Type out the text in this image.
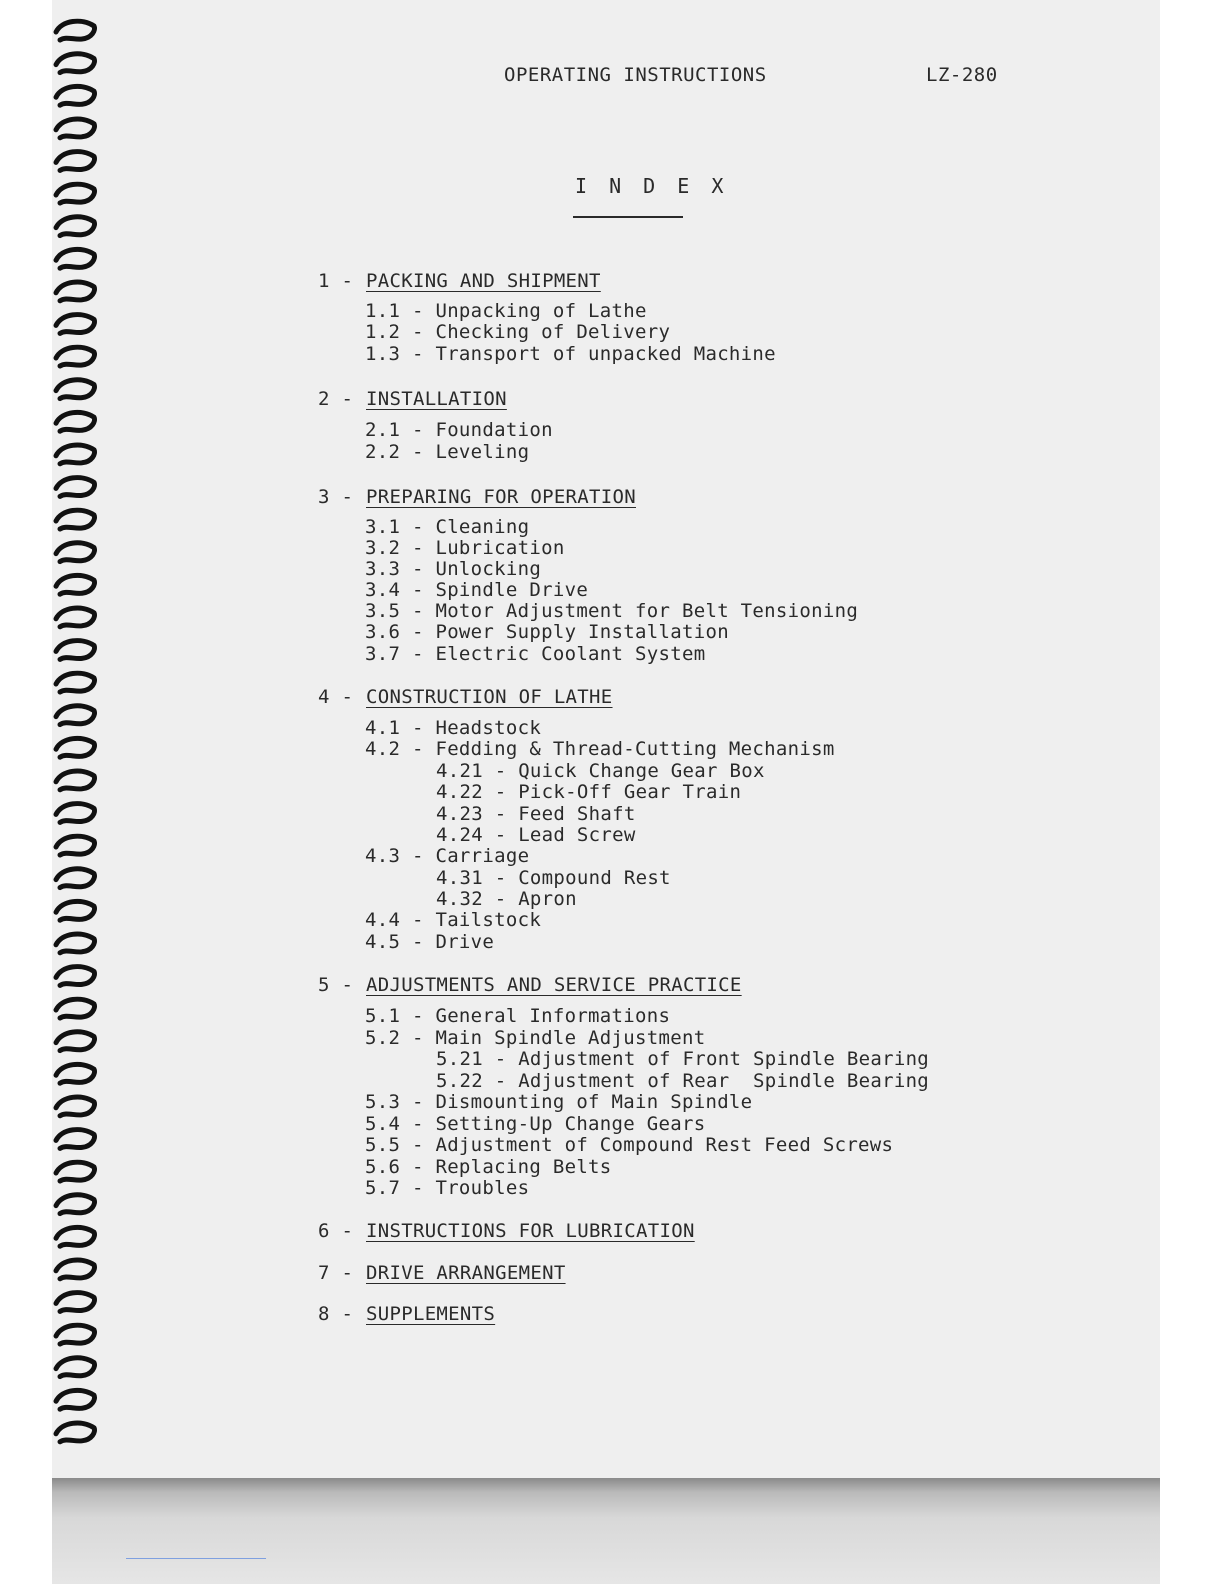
OPERATING INSTRUCTIONS	LZ-280
I N D E X
1 - PACKING AND SHIPMENT
1.1 - Unpacking of Lathe
1.2 - Checking of Delivery
1.3 - Transport of unpacked Machine
2 - INSTALLATION
2.1 - Foundation
2.2 - Leveling
3 - PREPARING FOR OPERATION
3.1 - Cleaning
3.2 - Lubrication
3.3 - Unlocking
3.4 - Spindle Drive
3.5 - Motor Adjustment for Belt Tensioning
3.6 - Power Supply Installation
3.7 - Electric Coolant System
4 - CONSTRUCTION OF LATHE
4.1 - Headstock
4.2 - Fedding & Thread-Cutting Mechanism
4.21 - Quick Change Gear Box
4.22 - Pick-Off Gear Train
4.23 - Feed Shaft
4.24 - Lead Screw
4.3 - Carriage
4.31 - Compound Rest
4.32 - Apron
4.4 - Tailstock
4.5 - Drive
5 - ADJUSTMENTS AND SERVICE PRACTICE
5.1 - General Informations
5.2 - Main Spindle Adjustment
5.21 - Adjustment of Front Spindle Bearing
5.22 - Adjustment of Rear  Spindle Bearing
5.3 - Dismounting of Main Spindle
5.4 - Setting-Up Change Gears
5.5 - Adjustment of Compound Rest Feed Screws
5.6 - Replacing Belts
5.7 - Troubles
6 - INSTRUCTIONS FOR LUBRICATION
7 - DRIVE ARRANGEMENT
8 - SUPPLEMENTS
